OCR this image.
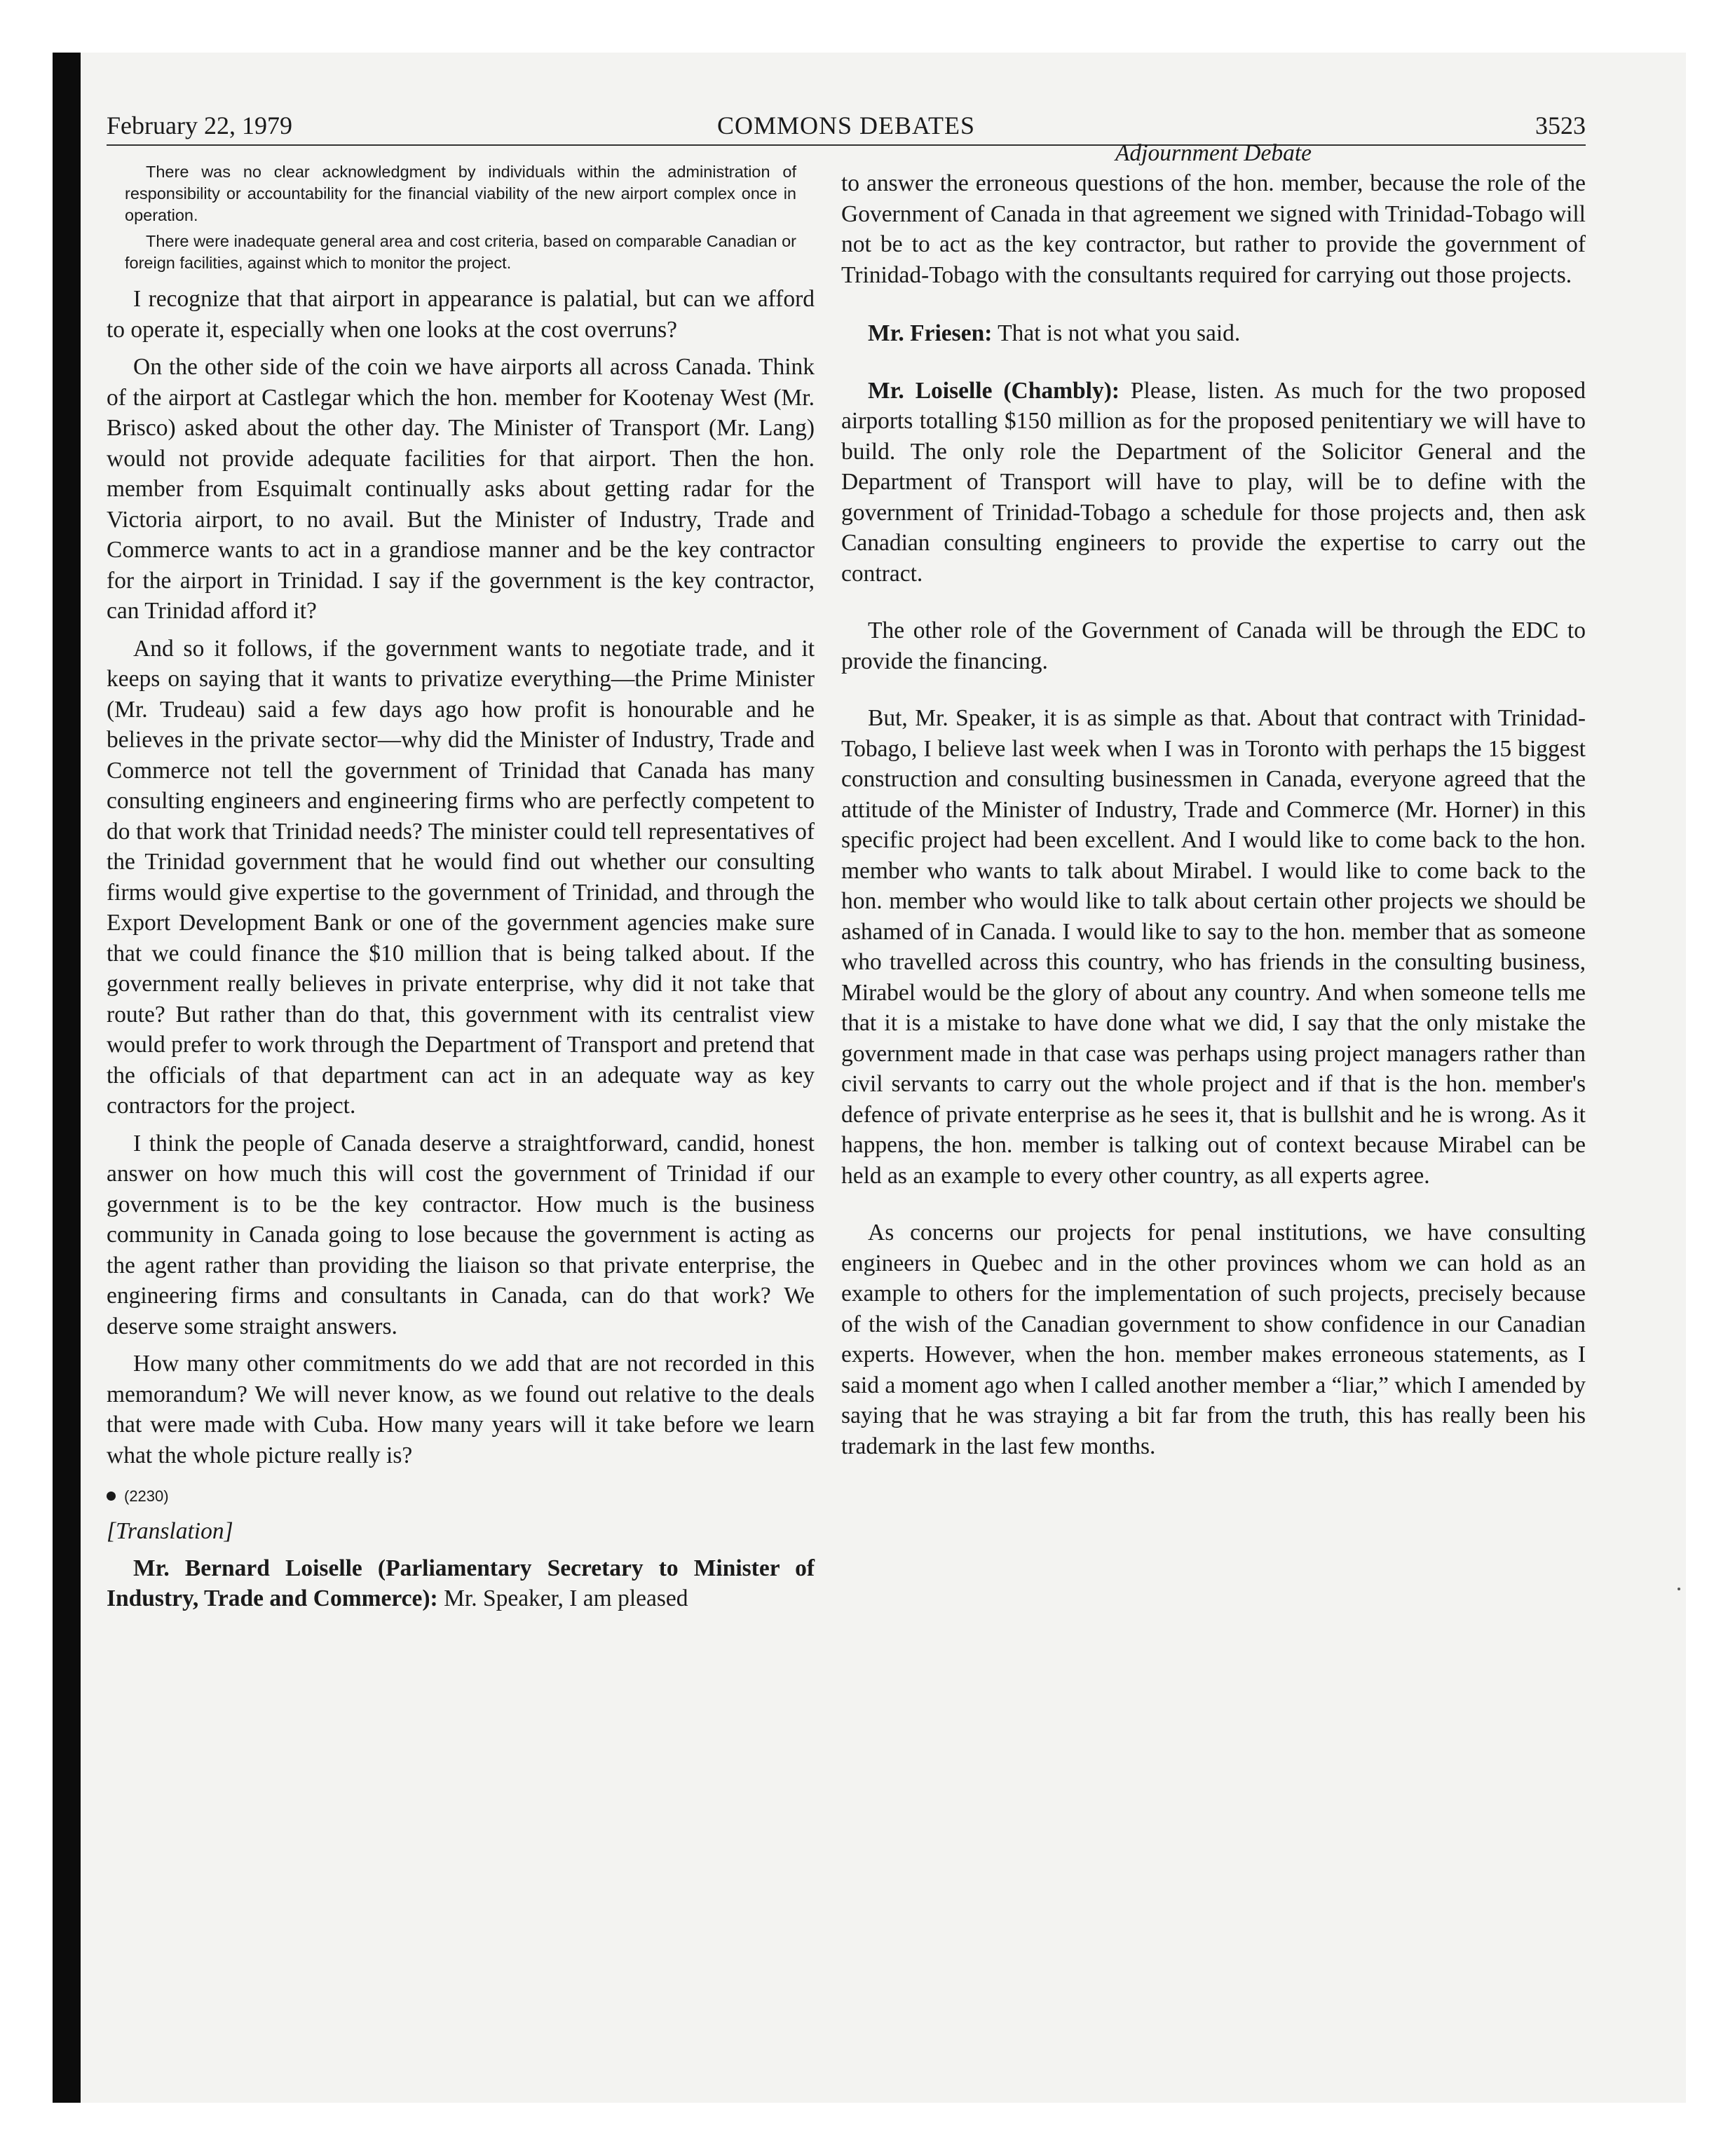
February 22, 1979	COMMONS DEBATES	3523

There was no clear acknowledgment by individuals within the administration of responsibility or accountability for the financial viability of the new airport complex once in operation.

There were inadequate general area and cost criteria, based on comparable Canadian or foreign facilities, against which to monitor the project.

I recognize that that airport in appearance is palatial, but can we afford to operate it, especially when one looks at the cost overruns?

On the other side of the coin we have airports all across Canada. Think of the airport at Castlegar which the hon. member for Kootenay West (Mr. Brisco) asked about the other day. The Minister of Transport (Mr. Lang) would not provide adequate facilities for that airport. Then the hon. member from Esquimalt continually asks about getting radar for the Victoria airport, to no avail. But the Minister of Industry, Trade and Commerce wants to act in a grandiose manner and be the key contractor for the airport in Trinidad. I say if the government is the key contractor, can Trinidad afford it?

And so it follows, if the government wants to negotiate trade, and it keeps on saying that it wants to privatize everything—the Prime Minister (Mr. Trudeau) said a few days ago how profit is honourable and he believes in the private sector—why did the Minister of Industry, Trade and Commerce not tell the government of Trinidad that Canada has many consulting engineers and engineering firms who are perfectly competent to do that work that Trinidad needs? The minister could tell representatives of the Trinidad government that he would find out whether our consulting firms would give expertise to the government of Trinidad, and through the Export Development Bank or one of the government agencies make sure that we could finance the $10 million that is being talked about. If the government really believes in private enterprise, why did it not take that route? But rather than do that, this government with its centralist view would prefer to work through the Department of Transport and pretend that the officials of that department can act in an adequate way as key contractors for the project.

I think the people of Canada deserve a straightforward, candid, honest answer on how much this will cost the government of Trinidad if our government is to be the key contractor. How much is the business community in Canada going to lose because the government is acting as the agent rather than providing the liaison so that private enterprise, the engineering firms and consultants in Canada, can do that work? We deserve some straight answers.

How many other commitments do we add that are not recorded in this memorandum? We will never know, as we found out relative to the deals that were made with Cuba. How many years will it take before we learn what the whole picture really is?

(2230)
[Translation]

Mr. Bernard Loiselle (Parliamentary Secretary to Minister of Industry, Trade and Commerce): Mr. Speaker, I am pleased

Adjournment Debate

to answer the erroneous questions of the hon. member, because the role of the Government of Canada in that agreement we signed with Trinidad-Tobago will not be to act as the key contractor, but rather to provide the government of Trinidad-Tobago with the consultants required for carrying out those projects.

Mr. Friesen: That is not what you said.

Mr. Loiselle (Chambly): Please, listen. As much for the two proposed airports totalling $150 million as for the proposed penitentiary we will have to build. The only role the Department of the Solicitor General and the Department of Transport will have to play, will be to define with the government of Trinidad-Tobago a schedule for those projects and, then ask Canadian consulting engineers to provide the expertise to carry out the contract.

The other role of the Government of Canada will be through the EDC to provide the financing.

But, Mr. Speaker, it is as simple as that. About that contract with Trinidad-Tobago, I believe last week when I was in Toronto with perhaps the 15 biggest construction and consulting businessmen in Canada, everyone agreed that the attitude of the Minister of Industry, Trade and Commerce (Mr. Horner) in this specific project had been excellent. And I would like to come back to the hon. member who wants to talk about Mirabel. I would like to come back to the hon. member who would like to talk about certain other projects we should be ashamed of in Canada. I would like to say to the hon. member that as someone who travelled across this country, who has friends in the consulting business, Mirabel would be the glory of about any country. And when someone tells me that it is a mistake to have done what we did, I say that the only mistake the government made in that case was perhaps using project managers rather than civil servants to carry out the whole project and if that is the hon. member's defence of private enterprise as he sees it, that is bullshit and he is wrong. As it happens, the hon. member is talking out of context because Mirabel can be held as an example to every other country, as all experts agree.

As concerns our projects for penal institutions, we have consulting engineers in Quebec and in the other provinces whom we can hold as an example to others for the implementation of such projects, precisely because of the wish of the Canadian government to show confidence in our Canadian experts. However, when the hon. member makes erroneous statements, as I said a moment ago when I called another member a “liar,” which I amended by saying that he was straying a bit far from the truth, this has really been his trademark in the last few months.
